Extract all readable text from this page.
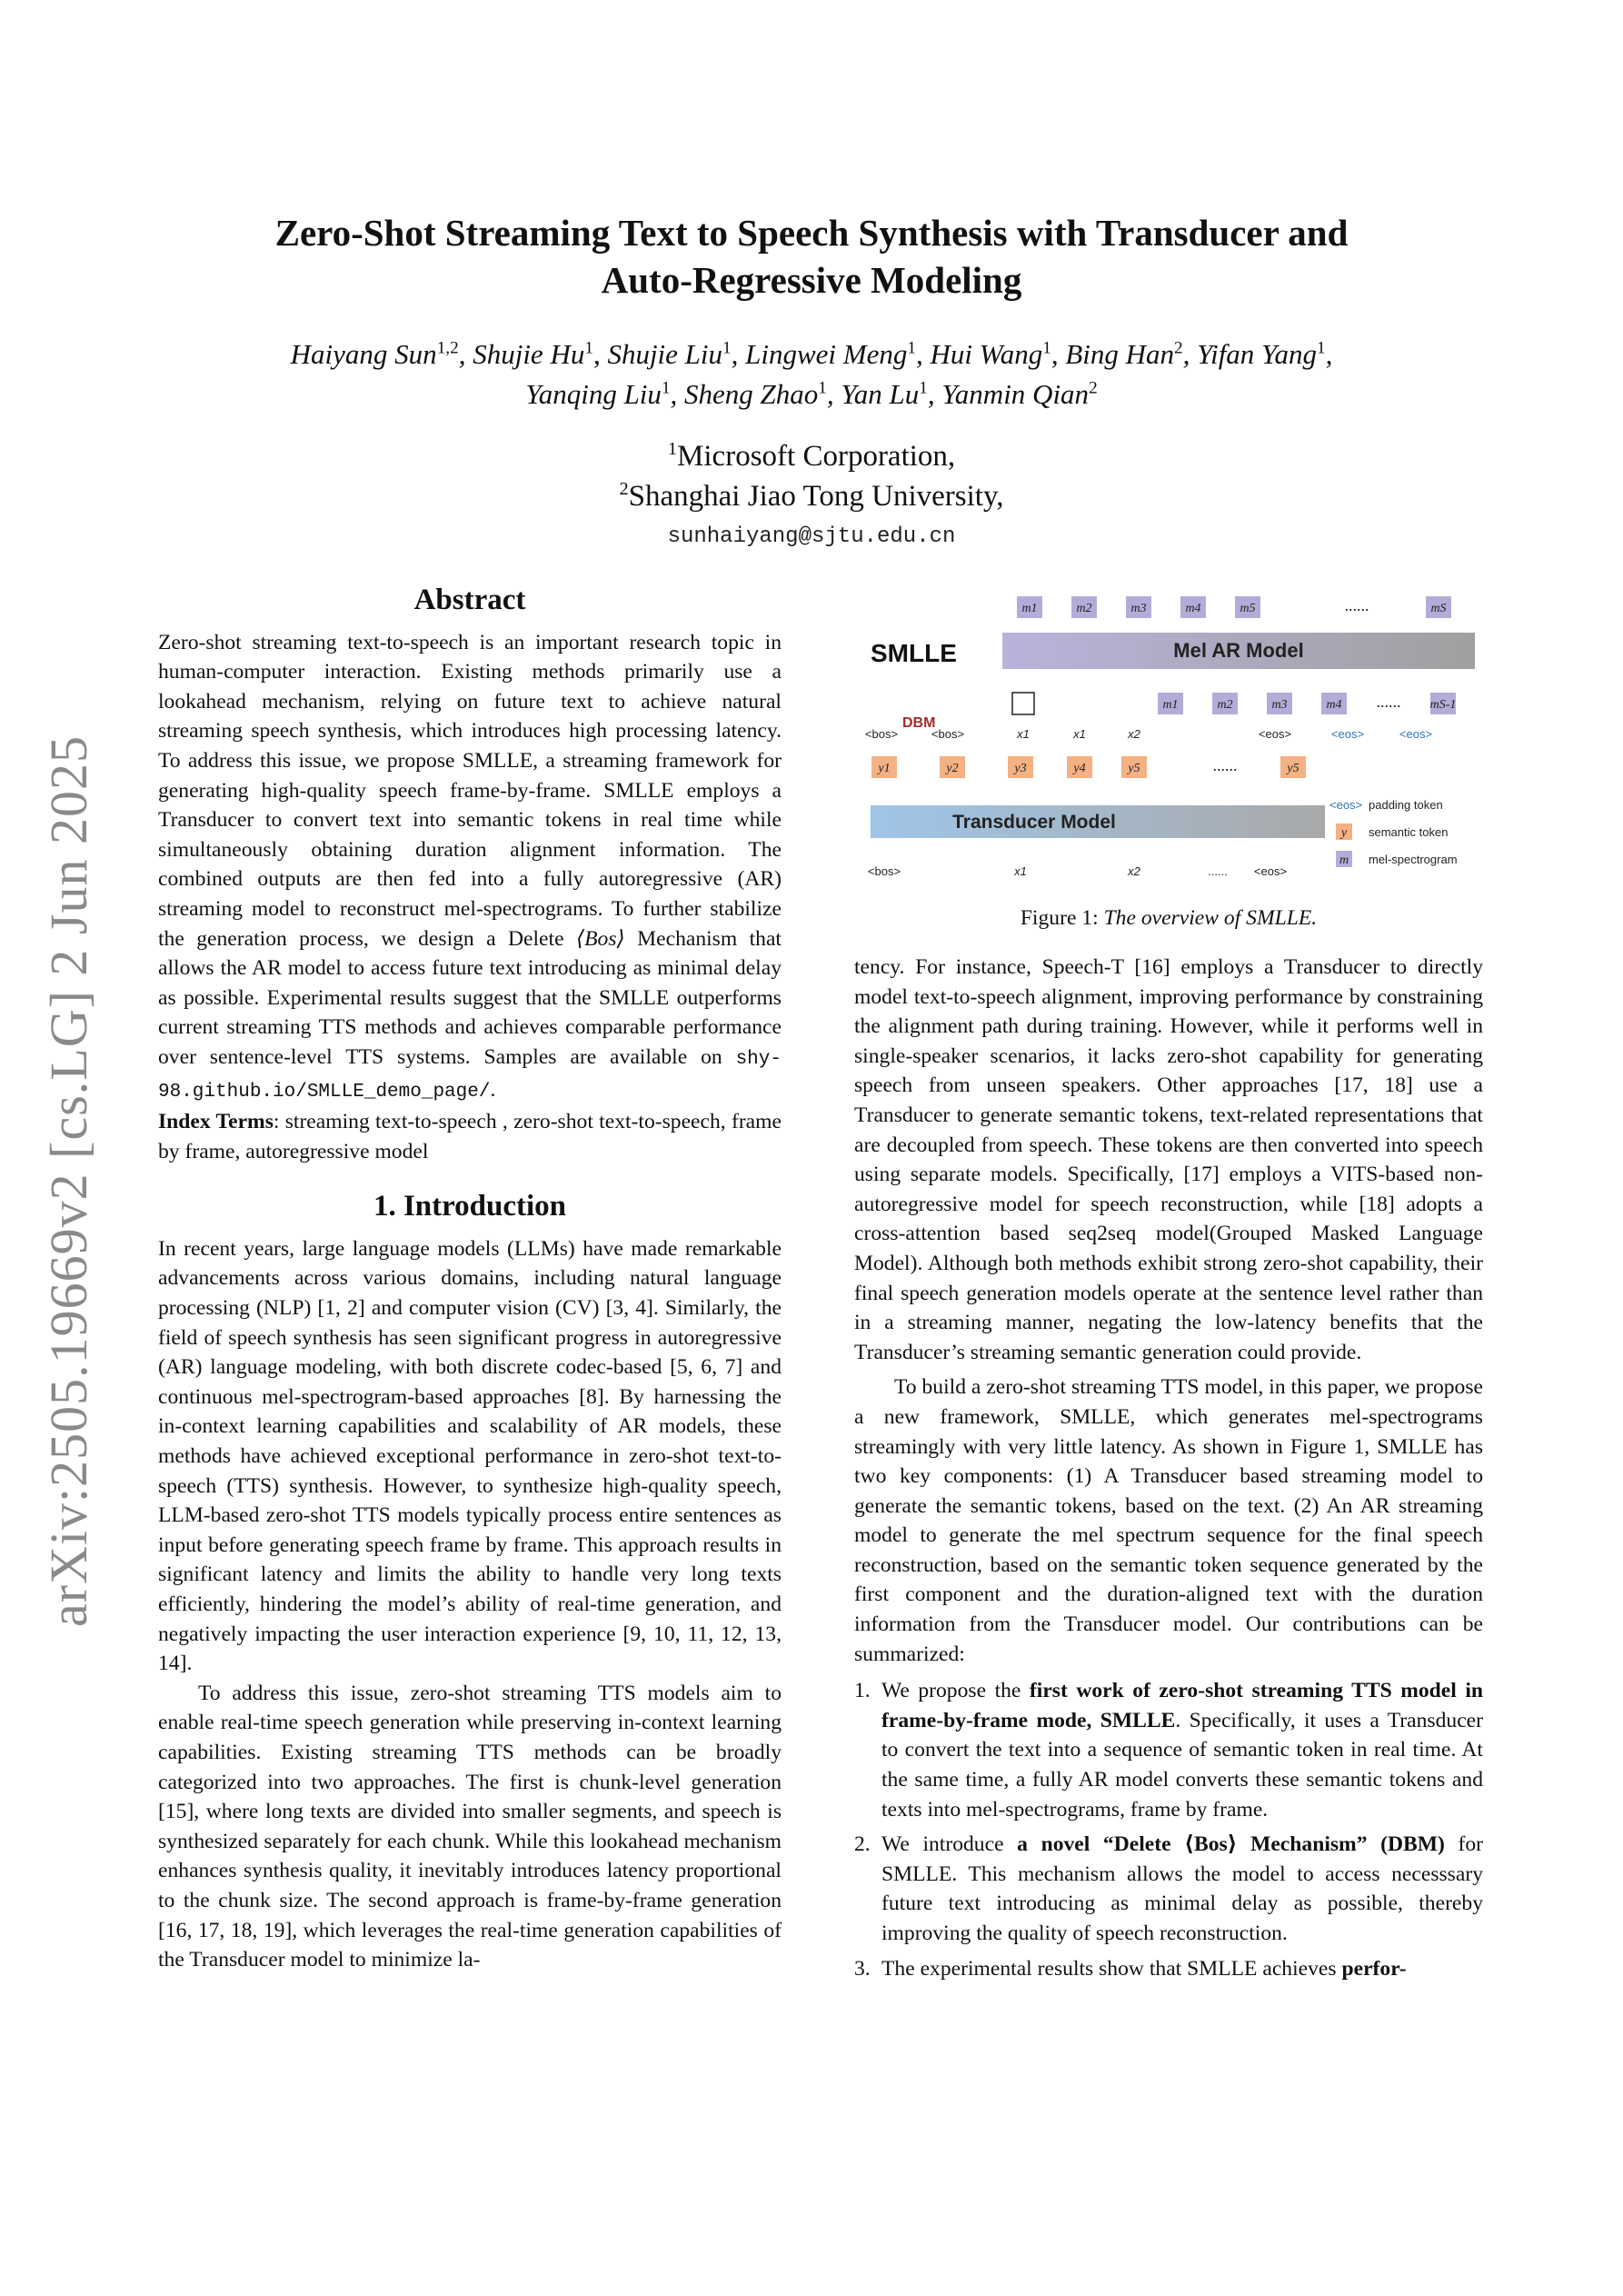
arXiv:2505.19669v2 [cs.LG] 2 Jun 2025
Zero-Shot Streaming Text to Speech Synthesis with Transducer and
Auto-Regressive Modeling
Haiyang Sun$^{1,2}$, Shujie Hu$^1$, Shujie Liu$^1$, Lingwei Meng$^1$, Hui Wang$^1$, Bing Han$^2$, Yifan Yang$^1$,
Yanqing Liu$^1$, Sheng Zhao$^1$, Yan Lu$^1$, Yanmin Qian$^2$
$^1$Microsoft Corporation,
$^2$Shanghai Jiao Tong University,
sunhaiyang@sjtu.edu.cn
Abstract

Zero-shot streaming text-to-speech is an important research topic in human-computer interaction. Existing methods primarily use a lookahead mechanism, relying on future text to achieve natural streaming speech synthesis, which introduces high processing latency. To address this issue, we propose SMLLE, a streaming framework for generating high-quality speech frame-by-frame. SMLLE employs a Transducer to convert text into semantic tokens in real time while simultaneously obtaining duration alignment information. The combined outputs are then fed into a fully autoregressive (AR) streaming model to reconstruct mel-spectrograms. To further stabilize the generation process, we design a Delete ⟨Bos⟩ Mechanism that allows the AR model to access future text introducing as minimal delay as possible. Experimental results suggest that the SMLLE outperforms current streaming TTS methods and achieves comparable performance over sentence-level TTS systems. Samples are available on shy-98.github.io/SMLLE_demo_page/.
Index Terms: streaming text-to-speech , zero-shot text-to-speech, frame by frame, autoregressive model

1. Introduction

In recent years, large language models (LLMs) have made remarkable advancements across various domains, including natural language processing (NLP) [1, 2] and computer vision (CV) [3, 4]. Similarly, the field of speech synthesis has seen significant progress in autoregressive (AR) language modeling, with both discrete codec-based [5, 6, 7] and continuous mel-spectrogram-based approaches [8]. By harnessing the in-context learning capabilities and scalability of AR models, these methods have achieved exceptional performance in zero-shot text-to-speech (TTS) synthesis. However, to synthesize high-quality speech, LLM-based zero-shot TTS models typically process entire sentences as input before generating speech frame by frame. This approach results in significant latency and limits the ability to handle very long texts efficiently, hindering the model’s ability of real-time generation, and negatively impacting the user interaction experience [9, 10, 11, 12, 13, 14].

To address this issue, zero-shot streaming TTS models aim to enable real-time speech generation while preserving in-context learning capabilities. Existing streaming TTS methods can be broadly categorized into two approaches. The first is chunk-level generation [15], where long texts are divided into smaller segments, and speech is synthesized separately for each chunk. While this lookahead mechanism enhances synthesis quality, it inevitably introduces latency proportional to the chunk size. The second approach is frame-by-frame generation [16, 17, 18, 19], which leverages the real-time generation capabilities of the Transducer model to minimize la-

m1	m2	m3	m4	m5	......	mS
Mel AR Model
SMLLE
DBM
m1	m2	m3	m4 ...... mS-1
<bos>	<bos>	x1	x1	x2	<eos>	<eos>	<eos>
y1	y2	y3	y4	y5	......	y5
Transducer Model
<bos>	x1	x2	...... <eos>
<eos> padding token
y semantic token
m mel-spectrogram
Figure 1: The overview of SMLLE.

tency. For instance, Speech-T [16] employs a Transducer to directly model text-to-speech alignment, improving performance by constraining the alignment path during training. However, while it performs well in single-speaker scenarios, it lacks zero-shot capability for generating speech from unseen speakers. Other approaches [17, 18] use a Transducer to generate semantic tokens, text-related representations that are decoupled from speech. These tokens are then converted into speech using separate models. Specifically, [17] employs a VITS-based non-autoregressive model for speech reconstruction, while [18] adopts a cross-attention based seq2seq model(Grouped Masked Language Model). Although both methods exhibit strong zero-shot capability, their final speech generation models operate at the sentence level rather than in a streaming manner, negating the low-latency benefits that the Transducer’s streaming semantic generation could provide.

To build a zero-shot streaming TTS model, in this paper, we propose a new framework, SMLLE, which generates mel-spectrograms streamingly with very little latency. As shown in Figure 1, SMLLE has two key components: (1) A Transducer based streaming model to generate the semantic tokens, based on the text. (2) An AR streaming model to generate the mel spectrum sequence for the final speech reconstruction, based on the semantic token sequence generated by the first component and the duration-aligned text with the duration information from the Transducer model. Our contributions can be summarized:

1. We propose the first work of zero-shot streaming TTS model in frame-by-frame mode, SMLLE. Specifically, it uses a Transducer to convert the text into a sequence of semantic token in real time. At the same time, a fully AR model converts these semantic tokens and texts into mel-spectrograms, frame by frame.
2. We introduce a novel “Delete ⟨Bos⟩ Mechanism” (DBM) for SMLLE. This mechanism allows the model to access necesssary future text introducing as minimal delay as possible, thereby improving the quality of speech reconstruction.
3. The experimental results show that SMLLE achieves perfor-
